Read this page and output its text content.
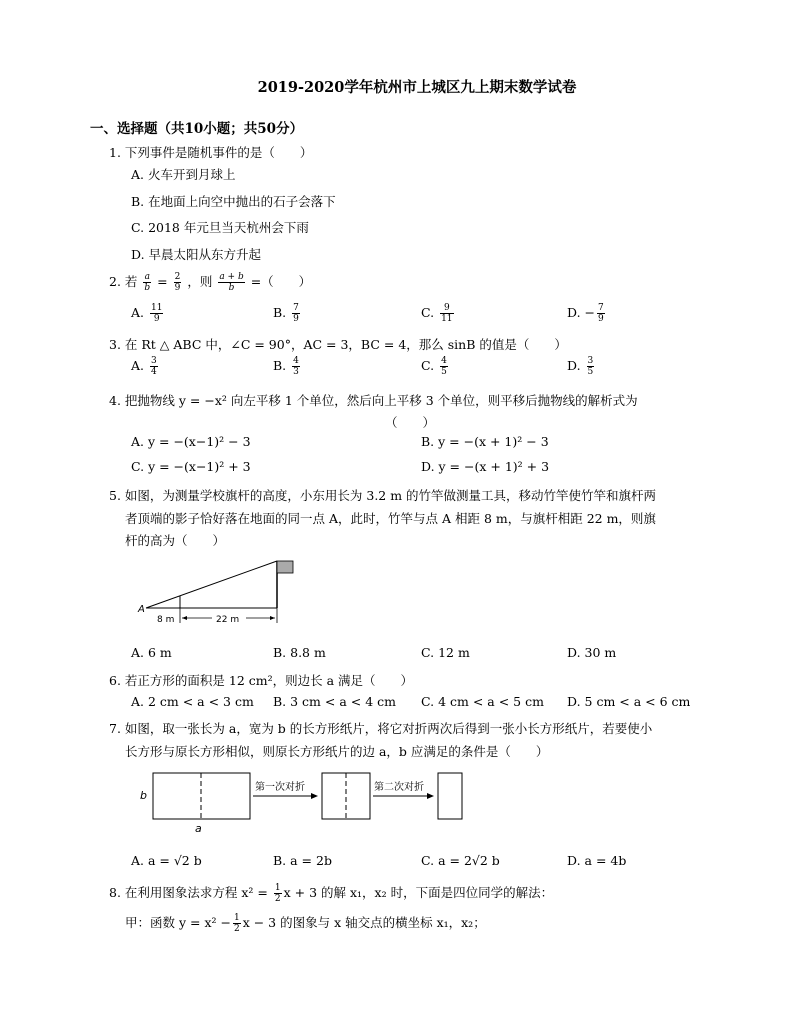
2019-2020学年杭州市上城区九上期末数学试卷
一、选择题（共10小题；共50分）
1. 下列事件是随机事件的是（　　）
A. 火车开到月球上
B. 在地面上向空中抛出的石子会落下
C. 2018 年元旦当天杭州会下雨
D. 早晨太阳从东方升起
2. 若 $\frac{a}{b} = \frac{2}{9}$ ，则 $\frac{a + b}{b}$ =（　　）
A. $\frac{11}{9}$	B. $\frac{7}{9}$	C. $\frac{9}{11}$	D. − $\frac{7}{9}$
3. 在 Rt △ ABC 中，∠C = 90°，AC = 3，BC = 4，那么 sinB 的值是（　　）
A. $\frac{3}{4}$	B. $\frac{4}{3}$	C. $\frac{4}{5}$	D. $\frac{3}{5}$
4. 把抛物线 y = −x² 向左平移 1 个单位，然后向上平移 3 个单位，则平移后抛物线的解析式为
（　　）
A. y = −(x−1)² − 3	B. y = −(x + 1)² − 3
C. y = −(x−1)² + 3	D. y = −(x + 1)² + 3
5. 如图，为测量学校旗杆的高度，小东用长为 3.2 m 的竹竿做测量工具，移动竹竿使竹竿和旗杆两
者顶端的影子恰好落在地面的同一点 A，此时，竹竿与点 A 相距 8 m，与旗杆相距 22 m，则旗
杆的高为（　　）
A
8 m	22 m
A. 6 m	B. 8.8 m	C. 12 m	D. 30 m
6. 若正方形的面积是 12 cm²，则边长 a 满足（　　）
A. 2 cm < a < 3 cm B. 3 cm < a < 4 cm C. 4 cm < a < 5 cm D. 5 cm < a < 6 cm
7. 如图，取一张长为 a，宽为 b 的长方形纸片，将它对折两次后得到一张小长方形纸片，若要使小
长方形与原长方形相似，则原长方形纸片的边 a，b 应满足的条件是（　　）
b
a
第一次对折	第二次对折
A. a = √2 b	B. a = 2b	C. a = 2√2 b	D. a = 4b
8. 在利用图象法求方程 $x^2 = \frac{1}{2}$ x + 3 的解 x₁，x₂ 时，下面是四位同学的解法：
甲：函数 $y = x^2 - \frac{1}{2}$ x − 3 的图象与 x 轴交点的横坐标 x₁，x₂；
